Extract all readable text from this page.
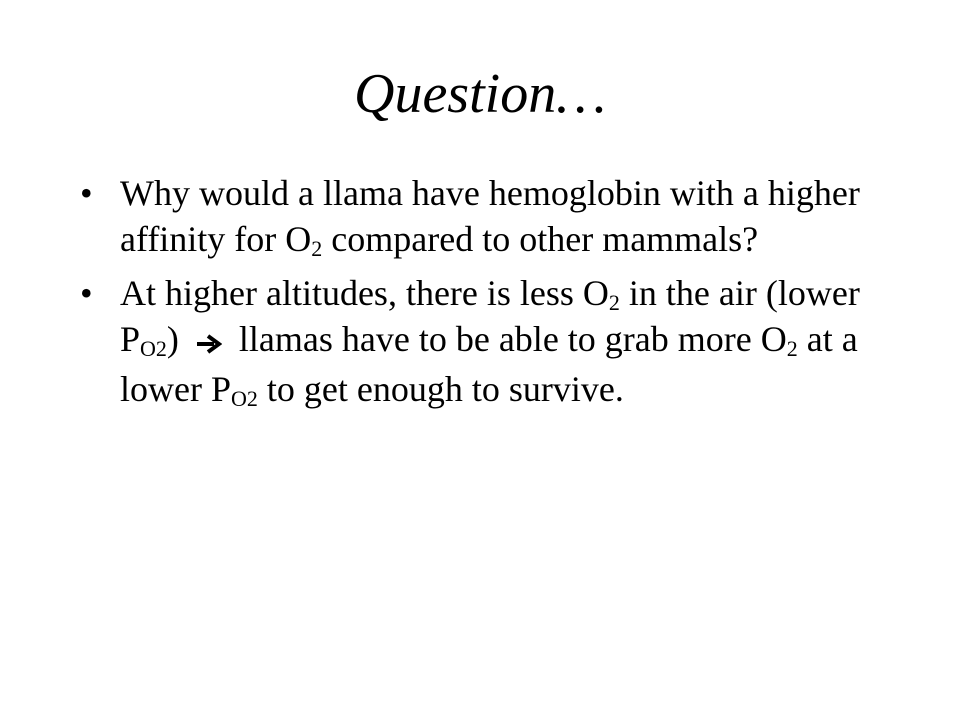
Question…
• Why would a llama have hemoglobin with a higher affinity for $O_2$ compared to other mammals?
• At higher altitudes, there is less $O_2$ in the air (lower $P_{O2}$)  llamas have to be able to grab more $O_2$ at a lower $P_{O2}$ to get enough to survive.
